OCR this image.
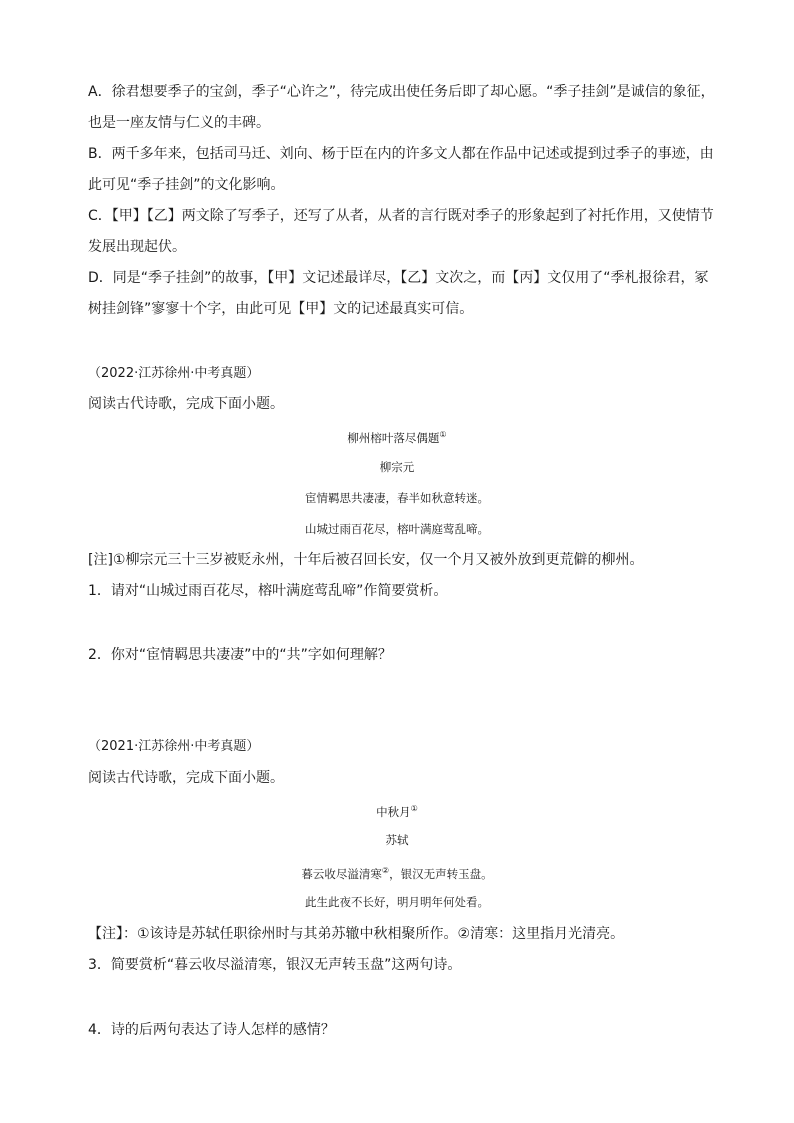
A．徐君想要季子的宝剑，季子“心许之”，待完成出使任务后即了却心愿。“季子挂剑”是诚信的象征，
也是一座友情与仁义的丰碑。
B．两千多年来，包括司马迁、刘向、杨于臣在内的许多文人都在作品中记述或提到过季子的事迹，由
此可见“季子挂剑”的文化影响。
C．【甲】【乙】两文除了写季子，还写了从者，从者的言行既对季子的形象起到了衬托作用，又使情节
发展出现起伏。
D．同是“季子挂剑”的故事，【甲】文记述最详尽，【乙】文次之，而【丙】文仅用了“季札报徐君，冢
树挂剑锋”寥寥十个字，由此可见【甲】文的记述最真实可信。
（2022·江苏徐州·中考真题）
阅读古代诗歌，完成下面小题。
柳州榕叶落尽偶题①
柳宗元
宦情羁思共凄凄，春半如秋意转迷。
山城过雨百花尽，榕叶满庭莺乱啼。
[注]①柳宗元三十三岁被贬永州，十年后被召回长安，仅一个月又被外放到更荒僻的柳州。
1．请对“山城过雨百花尽，榕叶满庭莺乱啼”作简要赏析。
2．你对“宦情羁思共凄凄”中的“共”字如何理解？
（2021·江苏徐州·中考真题）
阅读古代诗歌，完成下面小题。
中秋月①
苏轼
暮云收尽溢清寒②，银汉无声转玉盘。
此生此夜不长好，明月明年何处看。
【注】：①该诗是苏轼任职徐州时与其弟苏辙中秋相聚所作。②清寒：这里指月光清亮。
3．简要赏析“暮云收尽溢清寒，银汉无声转玉盘”这两句诗。
4．诗的后两句表达了诗人怎样的感情？
